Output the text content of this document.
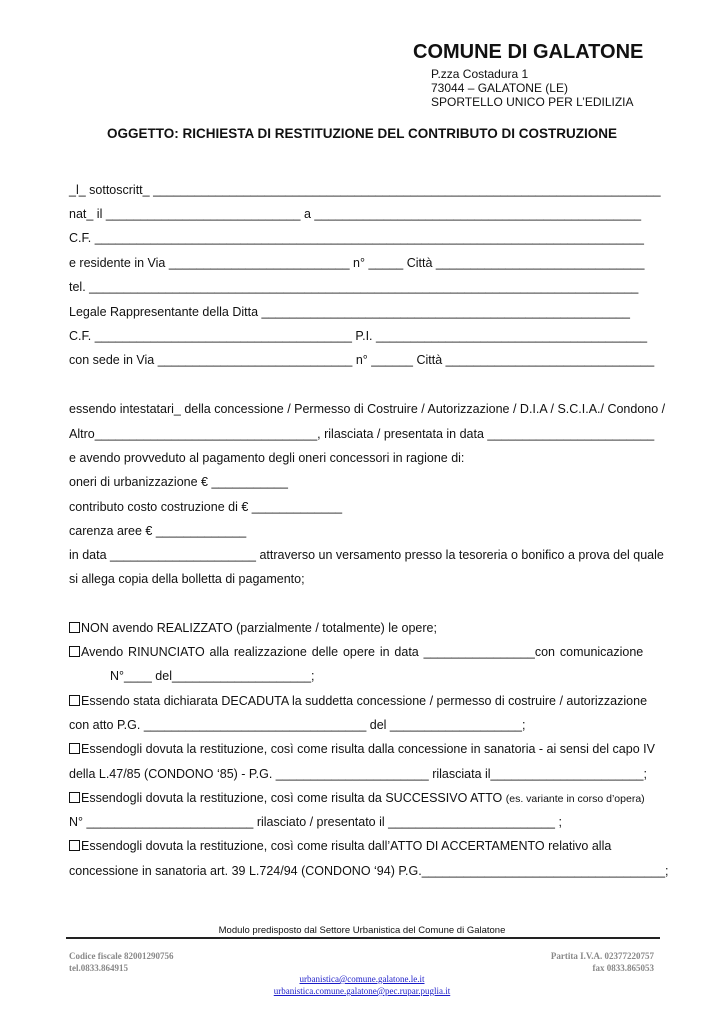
COMUNE DI GALATONE
P.zza Costadura 1
73044 – GALATONE (LE)
SPORTELLO UNICO PER L’EDILIZIA
OGGETTO: RICHIESTA DI RESTITUZIONE DEL CONTRIBUTO DI COSTRUZIONE
_l_ sottoscritt_ _________________________________________________________________________
nat_ il ____________________________ a _______________________________________________
C.F. _______________________________________________________________________________
e residente in Via __________________________ n° _____ Città ______________________________
tel. _______________________________________________________________________________
Legale Rappresentante della Ditta _____________________________________________________
C.F. _____________________________________ P.I. _______________________________________
con sede in Via ____________________________ n° ______ Città ______________________________
essendo intestatari_ della concessione / Permesso di Costruire / Autorizzazione / D.I.A / S.C.I.A./ Condono /
Altro________________________________, rilasciata / presentata in data ________________________
e avendo provveduto al pagamento degli oneri concessori in ragione di:
oneri di urbanizzazione € ___________
contributo costo costruzione di € _____________
carenza aree € _____________
in data _____________________ attraverso un versamento presso la tesoreria o bonifico a prova del quale
si allega copia della bolletta di pagamento;
NON avendo REALIZZATO (parzialmente / totalmente) le opere;
Avendo RINUNCIATO alla realizzazione delle opere in data ________________con comunicazione
N°____ del____________________;
Essendo stata dichiarata DECADUTA la suddetta concessione / permesso di costruire / autorizzazione
con atto P.G. ________________________________ del ___________________;
Essendogli dovuta la restituzione, così come risulta dalla concessione in sanatoria - ai sensi del capo IV
della L.47/85 (CONDONO ‘85) - P.G. ______________________ rilasciata il______________________;
Essendogli dovuta la restituzione, così come risulta da SUCCESSIVO ATTO (es. variante in corso d’opera)
N° ________________________ rilasciato / presentato il ________________________ ;
Essendogli dovuta la restituzione, così come risulta dall’ATTO DI ACCERTAMENTO relativo alla
concessione in sanatoria art. 39 L.724/94 (CONDONO ‘94) P.G.___________________________________;
Modulo predisposto dal Settore Urbanistica del Comune di Galatone
Codice fiscale 82001290756
tel.0833.864915
Partita I.V.A. 02377220757
fax 0833.865053
urbanistica@comune.galatone.le.it
urbanistica.comune.galatone@pec.rupar.puglia.it
